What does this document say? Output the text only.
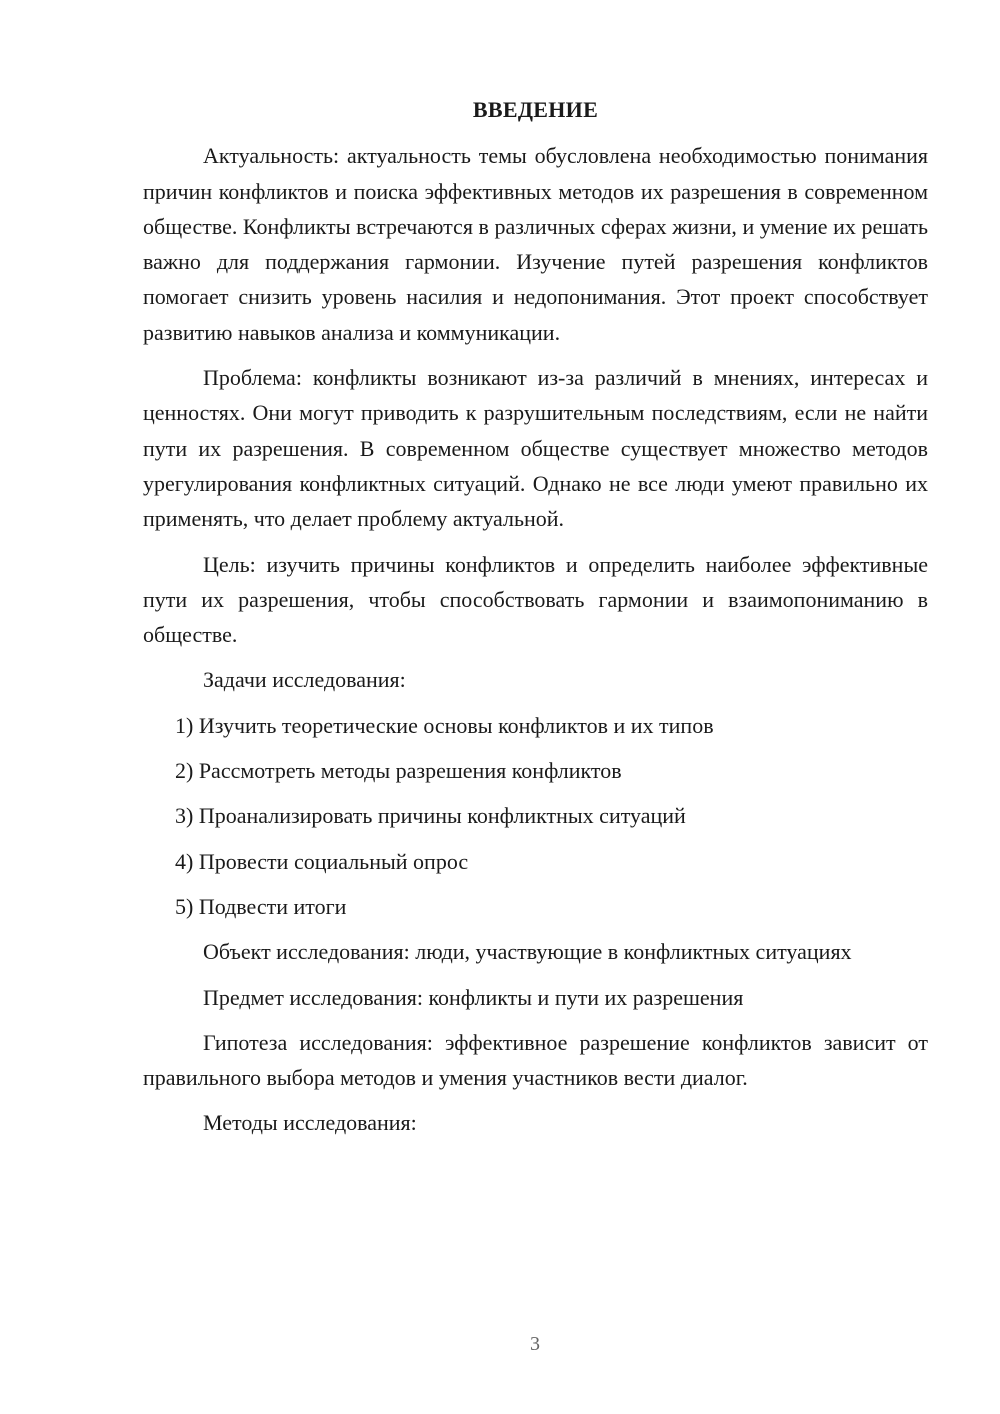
ВВЕДЕНИЕ

Актуальность: актуальность темы обусловлена необходимостью понимания причин конфликтов и поиска эффективных методов их разрешения в современном обществе. Конфликты встречаются в различных сферах жизни, и умение их решать важно для поддержания гармонии. Изучение путей разрешения конфликтов помогает снизить уровень насилия и недопонимания. Этот проект способствует развитию навыков анализа и коммуникации.

Проблема: конфликты возникают из-за различий в мнениях, интересах и ценностях. Они могут приводить к разрушительным последствиям, если не найти пути их разрешения. В современном обществе существует множество методов урегулирования конфликтных ситуаций. Однако не все люди умеют правильно их применять, что делает проблему актуальной.

Цель: изучить причины конфликтов и определить наиболее эффективные пути их разрешения, чтобы способствовать гармонии и взаимопониманию в обществе.

Задачи исследования:

1) Изучить теоретические основы конфликтов и их типов
2) Рассмотреть методы разрешения конфликтов
3) Проанализировать причины конфликтных ситуаций
4) Провести социальный опрос
5) Подвести итоги

Объект исследования: люди, участвующие в конфликтных ситуациях

Предмет исследования: конфликты и пути их разрешения

Гипотеза исследования: эффективное разрешение конфликтов зависит от правильного выбора методов и умения участников вести диалог.

Методы исследования:

3
